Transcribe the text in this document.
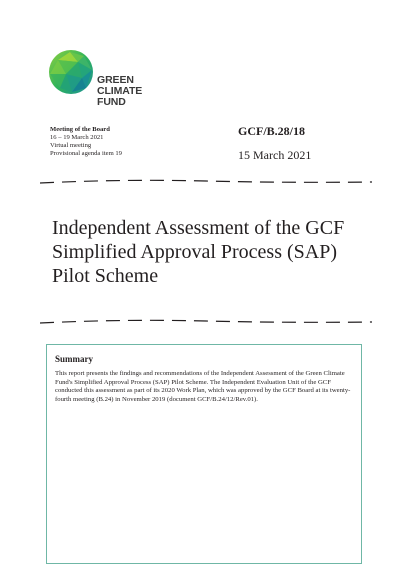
GREEN
CLIMATE
FUND
Meeting of the Board
16 – 19 March 2021
Virtual meeting
Provisional agenda item 19
GCF/B.28/18
15 March 2021
Independent Assessment of the GCF Simplified Approval Process (SAP) Pilot Scheme
Summary
This report presents the findings and recommendations of the Independent Assessment of the Green Climate Fund's Simplified Approval Process (SAP) Pilot Scheme. The Independent Evaluation Unit of the GCF conducted this assessment as part of its 2020 Work Plan, which was approved by the GCF Board at its twenty-fourth meeting (B.24) in November 2019 (document GCF/B.24/12/Rev.01).
